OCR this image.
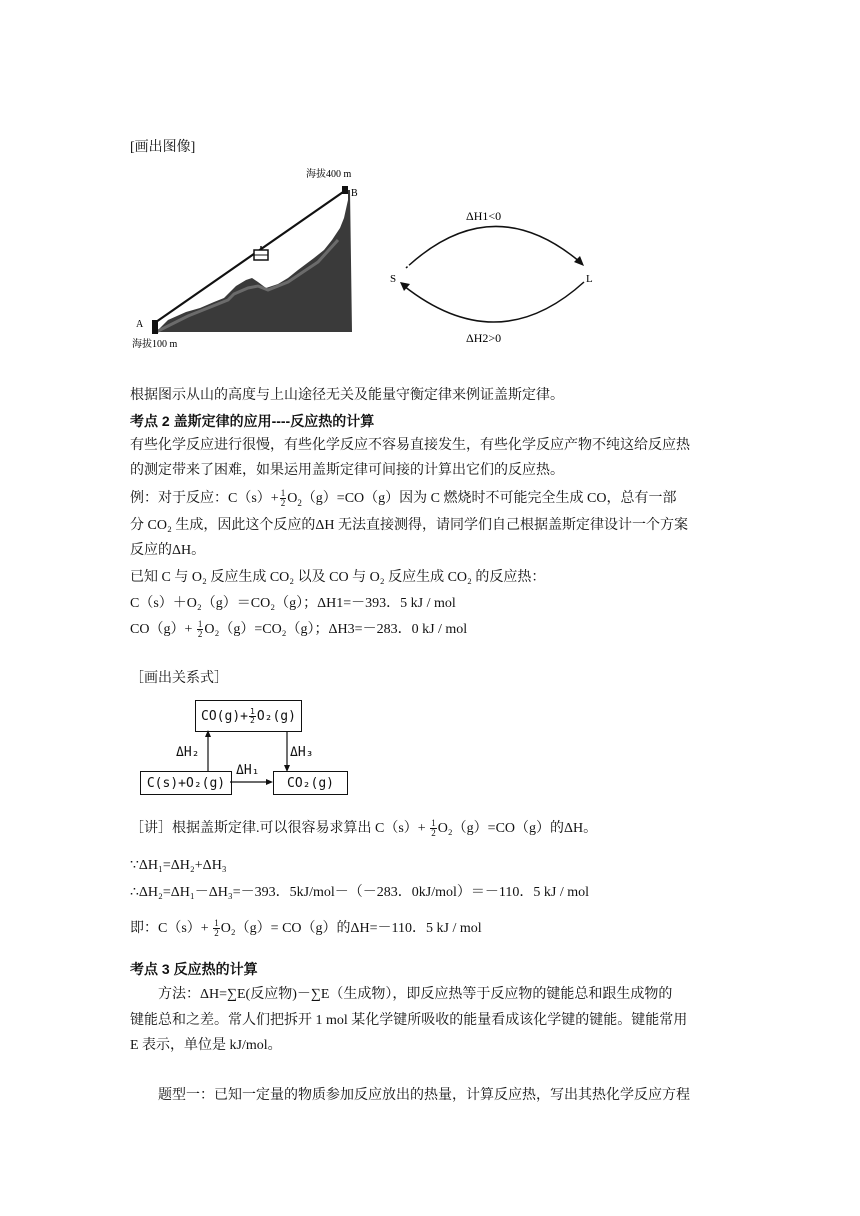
[画出图像]
海拔400 m
B
A
海拔100 m
ΔH1<0
ΔH2>0
S	L
根据图示从山的高度与上山途径无关及能量守衡定律来例证盖斯定律。
考点 2 盖斯定律的应用----反应热的计算
有些化学反应进行很慢，有些化学反应不容易直接发生，有些化学反应产物不纯这给反应热
的测定带来了困难，如果运用盖斯定律可间接的计算出它们的反应热。
例：对于反应：$C(s)+ \frac{1}{2} O_2(g)=CO(g)$因为 C 燃烧时不可能完全生成 CO，总有一部
分 CO₂ 生成，因此这个反应的ΔH 无法直接测得，请同学们自己根据盖斯定律设计一个方案
反应的ΔH。
已知 C 与 O₂ 反应生成 CO₂ 以及 CO 与 O₂ 反应生成 CO₂ 的反应热：
C（s）＋O₂（g）＝CO₂（g）；ΔH1=－393．5 kJ / mol
$CO(g)+ \frac{1}{2} O_2(g)=CO_2(g)$；ΔH3=－283．0 kJ / mol
［画出关系式］
$CO(g)+ \frac{1}{2} O_2(g)$
C(s)+O₂(g)	CO₂(g)
ΔH₂	ΔH₃
ΔH₁
［讲］根据盖斯定律.可以很容易求算出 $C(s)+ \frac{1}{2} O_2(g)=CO(g)$的ΔH。
∵ΔH₁=ΔH₂+ΔH₃
∴ΔH₂=ΔH₁－ΔH₃=－393．5kJ/mol－（－283．0kJ/mol）＝－110．5 kJ / mol
即：$C(s)+ \frac{1}{2} O_2(g)= CO(g)$的ΔH=－110．5 kJ / mol
考点 3 反应热的计算
方法：ΔH=∑E(反应物)－∑E（生成物），即反应热等于反应物的键能总和跟生成物的
键能总和之差。常人们把拆开 1 mol 某化学键所吸收的能量看成该化学键的键能。键能常用
E 表示，单位是 kJ/mol。
题型一：已知一定量的物质参加反应放出的热量，计算反应热，写出其热化学反应方程
